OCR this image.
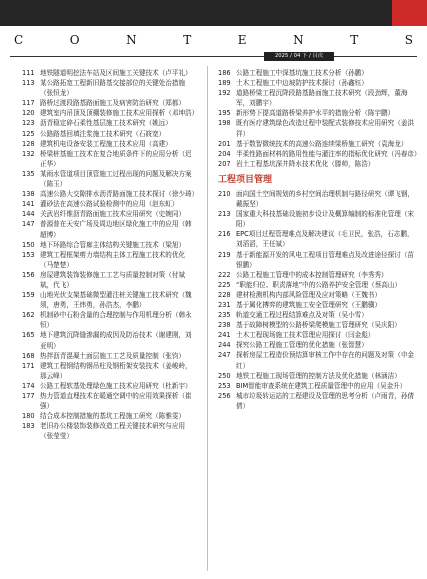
C	O	N	T	E	N	T	S
2025 / 04 下 / 目次
111 地铁隧道明挖法车站及区间施工关键技术（卢平礼）
113 某公路拓宽工程新旧路基交接部位的关键处治措施（张恒龙）
117 路桥过渡段路基路面施工及病害防治研究（郑都）
120 建筑室内吊顶及顶棚装修施工技术应用探析（邓坤浩）
123 沥青稳定碎石柔性基层施工技术研究（姚远）
125 公路路基回填注浆施工技术研究（石筱宽）
128 建筑机电设备安装工程施工技术应用（高建）
132 桥梁桩基施工技术在复合地质条件下的应用分析（迟正华）
135 某雨水管道项目顶管施工过程出现的问题及解决方案（陈玉）
138 高速公路大交隙排水沥青路面施工技术探讨（徐少琦）
141 灌砂法在高速公路试验检测中的应用（赵东虹）
144 关武岩纤维沥青路面施工技术应用研究（史婉同）
147 普源普在天安广场及周边地区绿化施工中的应用（韩超博）
150 地下环路综合管廊主体结构关键施工技术（梁旭）
153 建筑工程框架剪力墙结构主体工程施工技术的优化（马楚楚）
156 房屋建筑装饰装修施工工艺与质量控制对策（付斌斌，代飞）
159 山地光伏支架基础微型灌注桩关键施工技术研究（魏须，唐勇，王炜勇，孙浩杰，李鹏）
162 机制砂中石粉含量的合理控制与作用机理分析（韩永恒）
165 地下建筑沉降缝渗漏的成因及防治技术（谢建刚，刘亚明）
168 热拌沥青混凝土面层施工工艺及质量控制（张钧）
171 建筑工程钢结构钢吊柱及钢桁架安装技术（姜峻岭，那云峰）
174 公路工程软基处理绿色施工技术应用研究（杜新宇）
177 热力管道直埋技术在暖通空调中的应用效果探析（崔强）
180 结合成本控制措施的基坑工程施工研究（陈雅雯）
183 老旧办公楼装饰装修改造工程关键技术研究与应用（张莹莹）
186 公路工程施工中深基坑施工技术分析（孙鹏）
189 土木工程施工中边坡防护技术探讨（孙鑫钰）
192 道路桥梁工程沉降段路基路面施工技术研究（段劲辉，董海军，刘鹏宇）
195 新形势下提高道路桥梁养护水平的措施分析（陈宇鹏）
198 既有医疗建筑绿色改造过程中装配式装修技术应用研究（姜洪祥）
201 基于数智微统技术的高速公路连续梁桥施工研究（袁海龙）
204 半柔性路面材料的路用性能与灌注率的指标优化研究（冯春彦）
207 岩土工程基坑深井降水技术优化（滕帅，陈浩）
工程项目管理
210 面向国土空间规划的乡村空间治理机制与路径研究（谭飞钢，戴振坚）
213 国家重大科技基础设施初步设计及概算编制的标准化管理（宋阳）
216 EPC项目过程管理难点及解决建议（毛卫民，张浩，石志鹏，刘滔滔，王任斌）
219 基于新能源开发的风电工程项目管理难点及改进途径探讨（苗银鹏）
222 公路工程施工管理中的成本控制管理研究（李秀秀）
225 “职能归位、职责落地”中的公路养护安全管理（蔡高山）
228 建材检测机构内部风险管理及应对策略（王魏书）
231 基于属化搏弈的建筑施工安全管理研究（王鹏骥）
235 轨道交通工程过程结算难点及对策（吴小雪）
238 基于故障树模型的公路桥梁爬模施工管理研究（吴庆阳）
241 土木工程现场施工技术管理应用探讨（闫金彪）
244 探究公路工程施工管理的优化措施（张智慧）
247 探析房屋工程造价预结算审核工作中存在的问题及对策（申金红）
250 地铁工程施工现场管理的控制方法及优化措施（林涵洁）
253 BIM智能审查系统在建筑工程质量管理中的应用（吴金升）
256 城市垃圾转运站的工程建设及管理的思考分析（卢雨青，孙倩倩）
